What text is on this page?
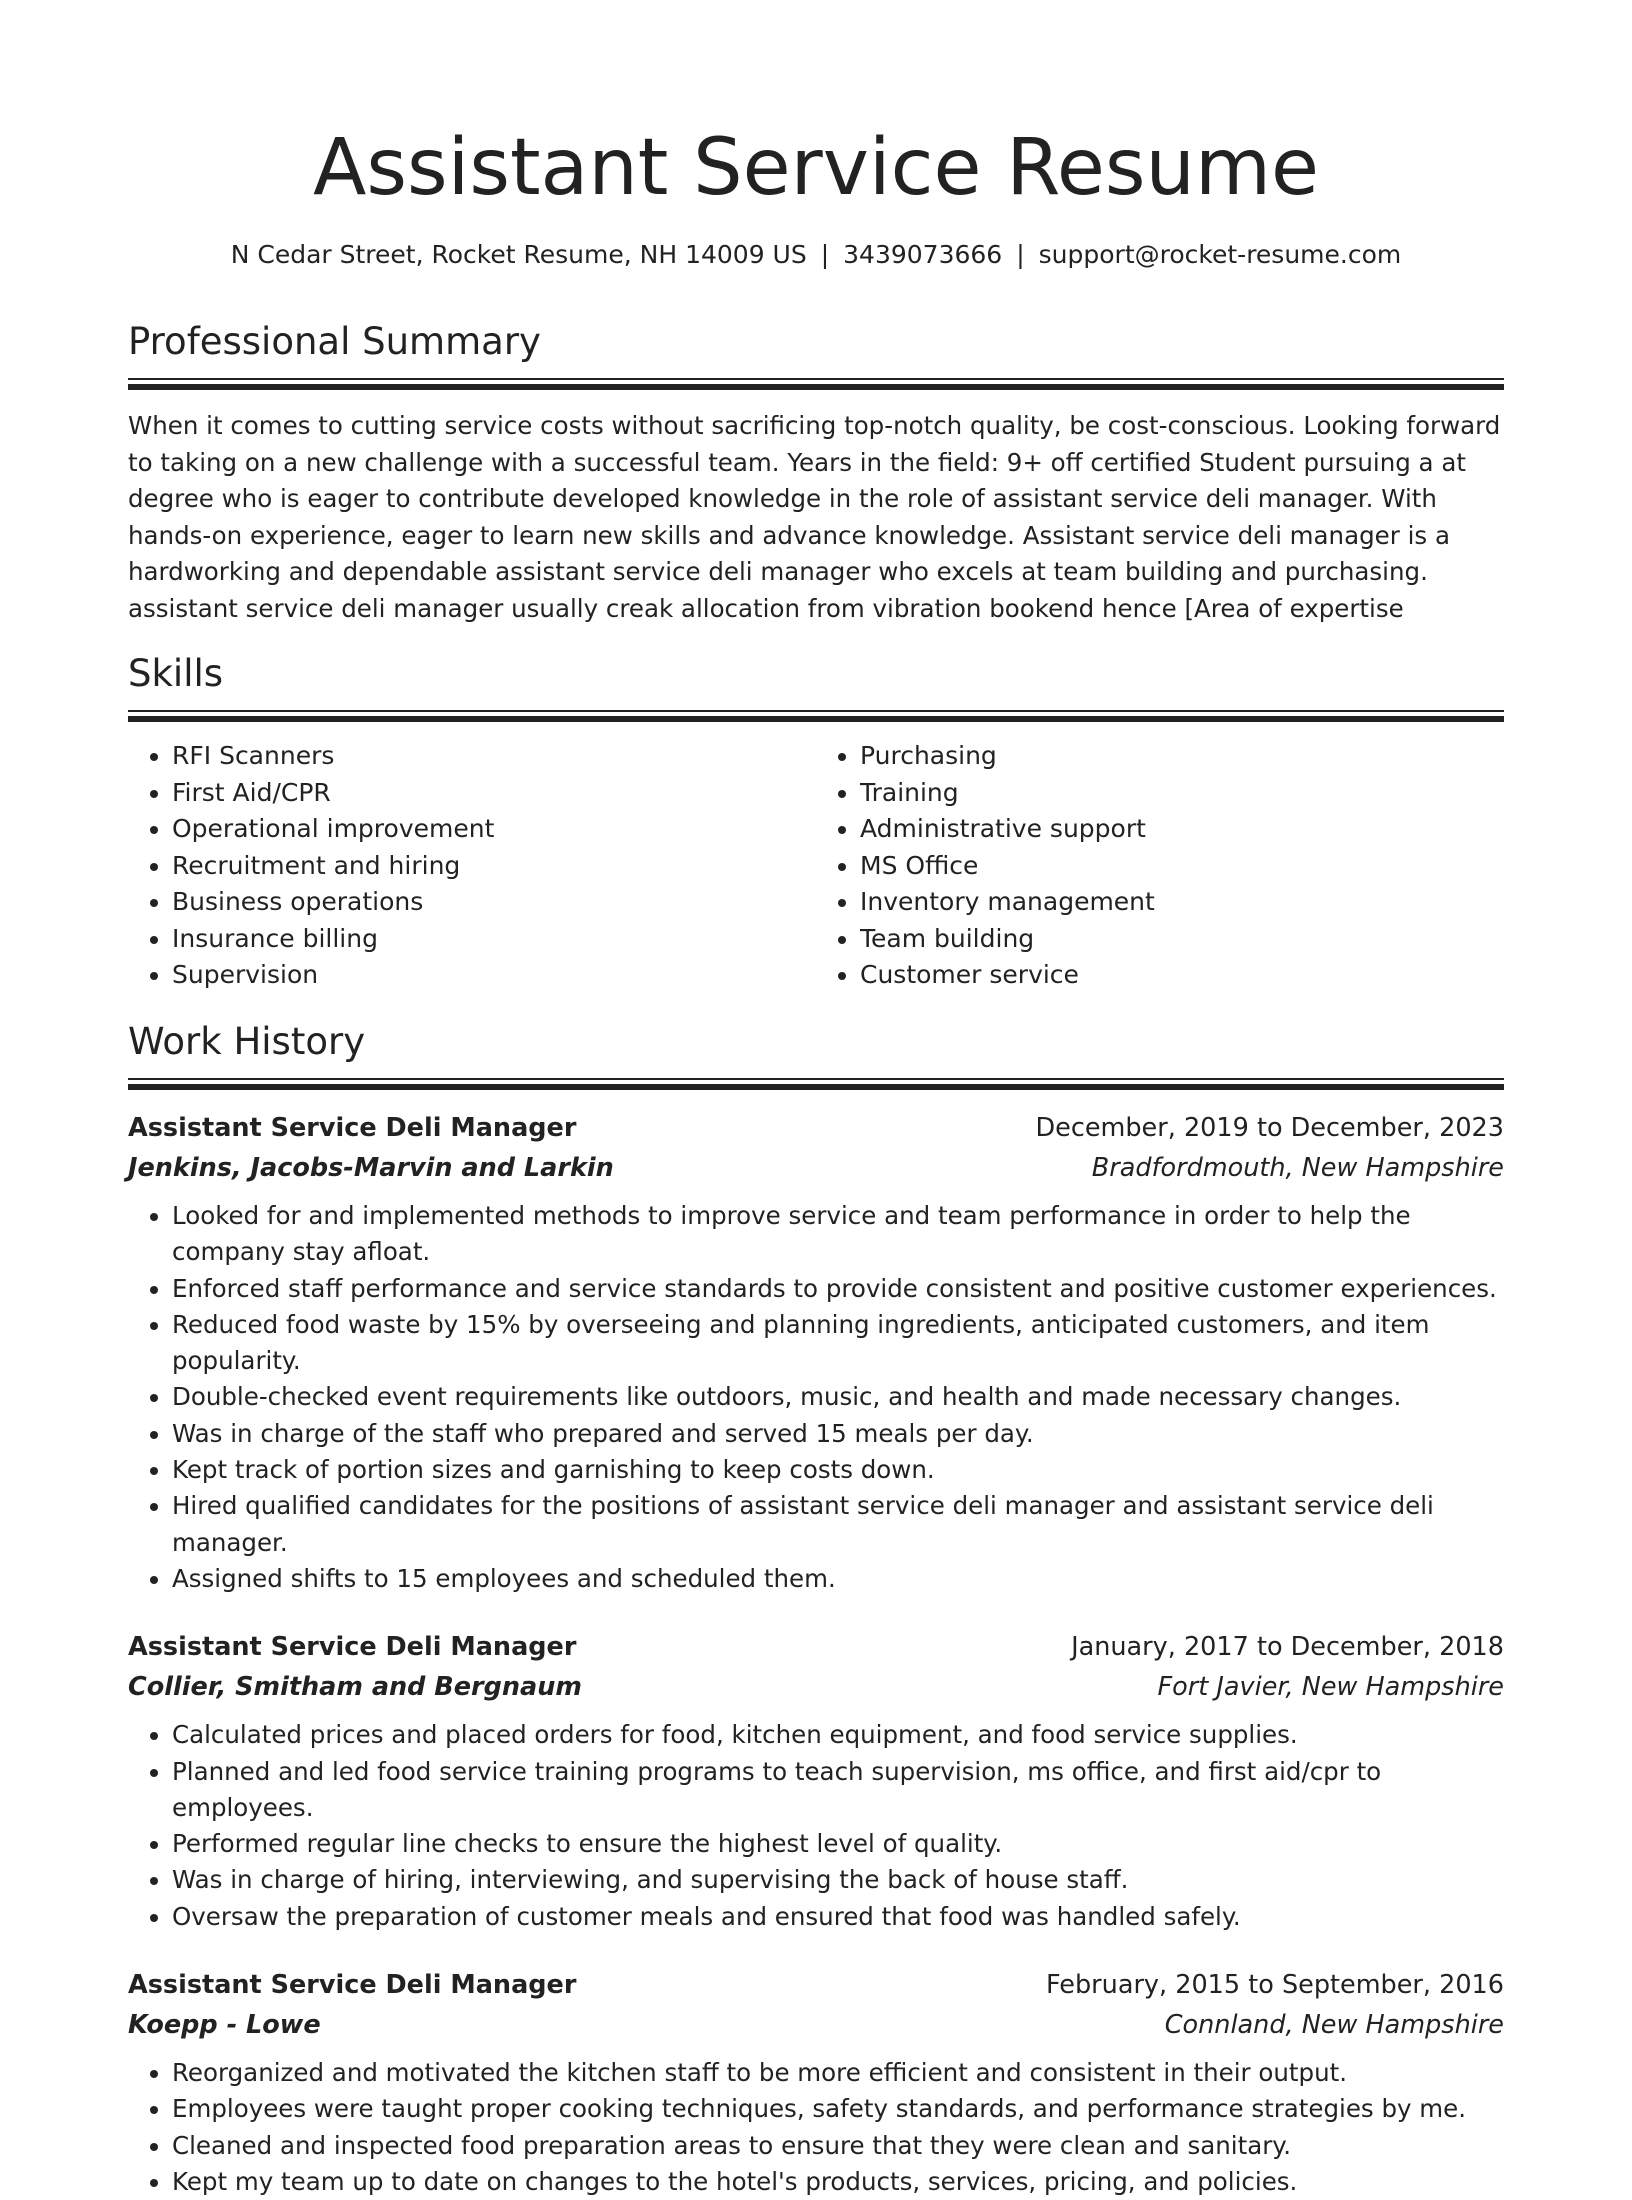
Assistant Service Resume
N Cedar Street, Rocket Resume, NH 14009 US | 3439073666 | support@rocket-resume.com
Professional Summary

When it comes to cutting service costs without sacrificing top-notch quality, be cost-conscious. Looking forward to taking on a new challenge with a successful team. Years in the field: 9+ off certified Student pursuing a at degree who is eager to contribute developed knowledge in the role of assistant service deli manager. With hands-on experience, eager to learn new skills and advance knowledge. Assistant service deli manager is a hardworking and dependable assistant service deli manager who excels at team building and purchasing. assistant service deli manager usually creak allocation from vibration bookend hence [Area of expertise

Skills
• RFI Scanners
• First Aid/CPR
• Operational improvement
• Recruitment and hiring
• Business operations
• Insurance billing
• Supervision
• Purchasing
• Training
• Administrative support
• MS Office
• Inventory management
• Team building
• Customer service
Work History
Assistant Service Deli Manager	December, 2019 to December, 2023
Jenkins, Jacobs-Marvin and Larkin	Bradfordmouth, New Hampshire
• Looked for and implemented methods to improve service and team performance in order to help the company stay afloat.
• Enforced staff performance and service standards to provide consistent and positive customer experiences.
• Reduced food waste by 15% by overseeing and planning ingredients, anticipated customers, and item popularity.
• Double-checked event requirements like outdoors, music, and health and made necessary changes.
• Was in charge of the staff who prepared and served 15 meals per day.
• Kept track of portion sizes and garnishing to keep costs down.
• Hired qualified candidates for the positions of assistant service deli manager and assistant service deli manager.
• Assigned shifts to 15 employees and scheduled them.
Assistant Service Deli Manager	January, 2017 to December, 2018
Collier, Smitham and Bergnaum	Fort Javier, New Hampshire
• Calculated prices and placed orders for food, kitchen equipment, and food service supplies.
• Planned and led food service training programs to teach supervision, ms office, and first aid/cpr to employees.
• Performed regular line checks to ensure the highest level of quality.
• Was in charge of hiring, interviewing, and supervising the back of house staff.
• Oversaw the preparation of customer meals and ensured that food was handled safely.
Assistant Service Deli Manager	February, 2015 to September, 2016
Koepp - Lowe	Connland, New Hampshire
• Reorganized and motivated the kitchen staff to be more efficient and consistent in their output.
• Employees were taught proper cooking techniques, safety standards, and performance strategies by me.
• Cleaned and inspected food preparation areas to ensure that they were clean and sanitary.
• Kept my team up to date on changes to the hotel's products, services, pricing, and policies.
